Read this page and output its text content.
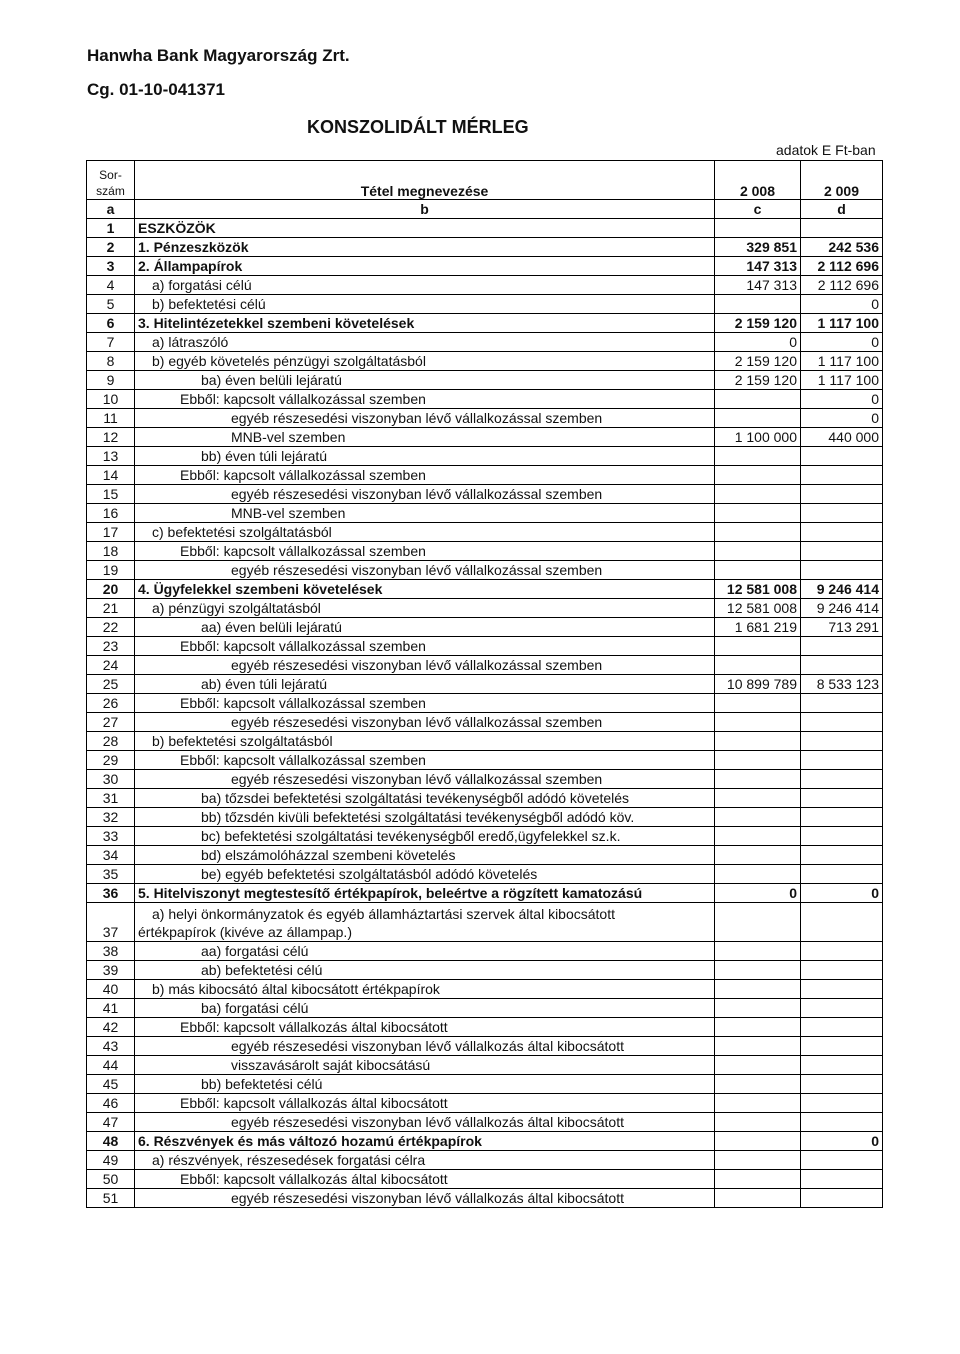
Hanwha Bank Magyarország Zrt.
Cg. 01-10-041371
KONSZOLIDÁLT MÉRLEG
adatok E Ft-ban
Sor-
szám	Tétel megnevezése	2 008	2 009
a	b	c	d
1	ESZKÖZÖK		
2	1. Pénzeszközök	329 851	242 536
3	2. Állampapírok	147 313	2 112 696
4	a) forgatási célú	147 313	2 112 696
5	b) befektetési célú		0
6	3. Hitelintézetekkel szembeni követelések	2 159 120	1 117 100
7	a) látraszóló	0	0
8	b) egyéb követelés pénzügyi szolgáltatásból	2 159 120	1 117 100
9	ba) éven belüli lejáratú	2 159 120	1 117 100
10	Ebből: kapcsolt vállalkozással szemben		0
11	egyéb részesedési viszonyban lévő vállalkozással szemben		0
12	MNB-vel szemben	1 100 000	440 000
13	bb) éven túli lejáratú		
14	Ebből: kapcsolt vállalkozással szemben		
15	egyéb részesedési viszonyban lévő vállalkozással szemben		
16	MNB-vel szemben		
17	c) befektetési szolgáltatásból		
18	Ebből: kapcsolt vállalkozással szemben		
19	egyéb részesedési viszonyban lévő vállalkozással szemben		
20	4. Ügyfelekkel szembeni követelések	12 581 008	9 246 414
21	a) pénzügyi szolgáltatásból	12 581 008	9 246 414
22	aa) éven belüli lejáratú	1 681 219	713 291
23	Ebből: kapcsolt vállalkozással szemben		
24	egyéb részesedési viszonyban lévő vállalkozással szemben		
25	ab) éven túli lejáratú	10 899 789	8 533 123
26	Ebből: kapcsolt vállalkozással szemben		
27	egyéb részesedési viszonyban lévő vállalkozással szemben		
28	b) befektetési szolgáltatásból		
29	Ebből: kapcsolt vállalkozással szemben		
30	egyéb részesedési viszonyban lévő vállalkozással szemben		
31	ba) tőzsdei befektetési szolgáltatási tevékenységből adódó követelés		
32	bb) tőzsdén kivüli befektetési szolgáltatási tevékenységből adódó köv.		
33	bc) befektetési szolgáltatási tevékenységből eredő,ügyfelekkel sz.k.		
34	bd) elszámolóházzal szembeni követelés		
35	be) egyéb befektetési szolgáltatásból adódó követelés		
36	5. Hitelviszonyt megtestesítő értékpapírok, beleértve a rögzített kamatozású	0	0
37	a) helyi önkormányzatok és egyéb államháztartási szervek által kibocsátott
értékpapírok (kivéve az állampap.)		
38	aa) forgatási célú		
39	ab) befektetési célú		
40	b) más kibocsátó által kibocsátott értékpapírok		
41	ba) forgatási célú		
42	Ebből: kapcsolt vállalkozás által kibocsátott		
43	egyéb részesedési viszonyban lévő vállalkozás által kibocsátott		
44	visszavásárolt saját kibocsátású		
45	bb) befektetési célú		
46	Ebből: kapcsolt vállalkozás által kibocsátott		
47	egyéb részesedési viszonyban lévő vállalkozás által kibocsátott		
48	6. Részvények és más változó hozamú értékpapírok		0
49	a) részvények, részesedések forgatási célra		
50	Ebből: kapcsolt vállalkozás által kibocsátott		
51	egyéb részesedési viszonyban lévő vállalkozás által kibocsátott		
